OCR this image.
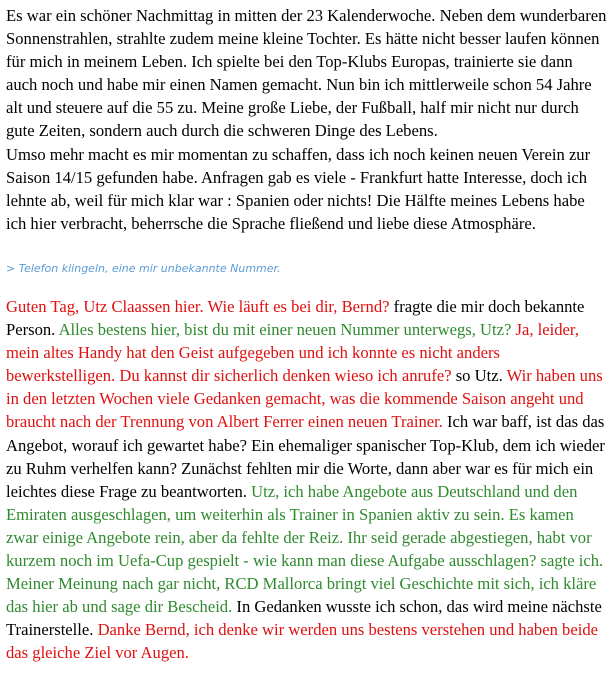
Es war ein schöner Nachmittag in mitten der 23 Kalenderwoche. Neben dem wunderbaren Sonnenstrahlen, strahlte zudem meine kleine Tochter. Es hätte nicht besser laufen können für mich in meinem Leben. Ich spielte bei den Top-Klubs Europas, trainierte sie dann auch noch und habe mir einen Namen gemacht. Nun bin ich mittlerweile schon 54 Jahre alt und steuere auf die 55 zu. Meine große Liebe, der Fußball, half mir nicht nur durch gute Zeiten, sondern auch durch die schweren Dinge des Lebens.

Umso mehr macht es mir momentan zu schaffen, dass ich noch keinen neuen Verein zur Saison 14/15 gefunden habe. Anfragen gab es viele - Frankfurt hatte Interesse, doch ich lehnte ab, weil für mich klar war : Spanien oder nichts! Die Hälfte meines Lebens habe ich hier verbracht, beherrsche die Sprache fließend und liebe diese Atmosphäre.

> Telefon klingeln, eine mir unbekannte Nummer.

Guten Tag, Utz Claassen hier. Wie läuft es bei dir, Bernd? fragte die mir doch bekannte Person. Alles bestens hier, bist du mit einer neuen Nummer unterwegs, Utz? Ja, leider, mein altes Handy hat den Geist aufgegeben und ich konnte es nicht anders bewerkstelligen. Du kannst dir sicherlich denken wieso ich anrufe? so Utz. Wir haben uns in den letzten Wochen viele Gedanken gemacht, was die kommende Saison angeht und braucht nach der Trennung von Albert Ferrer einen neuen Trainer. Ich war baff, ist das das Angebot, worauf ich gewartet habe? Ein ehemaliger spanischer Top-Klub, dem ich wieder zu Ruhm verhelfen kann? Zunächst fehlten mir die Worte, dann aber war es für mich ein leichtes diese Frage zu beantworten. Utz, ich habe Angebote aus Deutschland und den Emiraten ausgeschlagen, um weiterhin als Trainer in Spanien aktiv zu sein. Es kamen zwar einige Angebote rein, aber da fehlte der Reiz. Ihr seid gerade abgestiegen, habt vor kurzem noch im Uefa-Cup gespielt - wie kann man diese Aufgabe ausschlagen? sagte ich. Meiner Meinung nach gar nicht, RCD Mallorca bringt viel Geschichte mit sich, ich kläre das hier ab und sage dir Bescheid. In Gedanken wusste ich schon, das wird meine nächste Trainerstelle. Danke Bernd, ich denke wir werden uns bestens verstehen und haben beide das gleiche Ziel vor Augen.
